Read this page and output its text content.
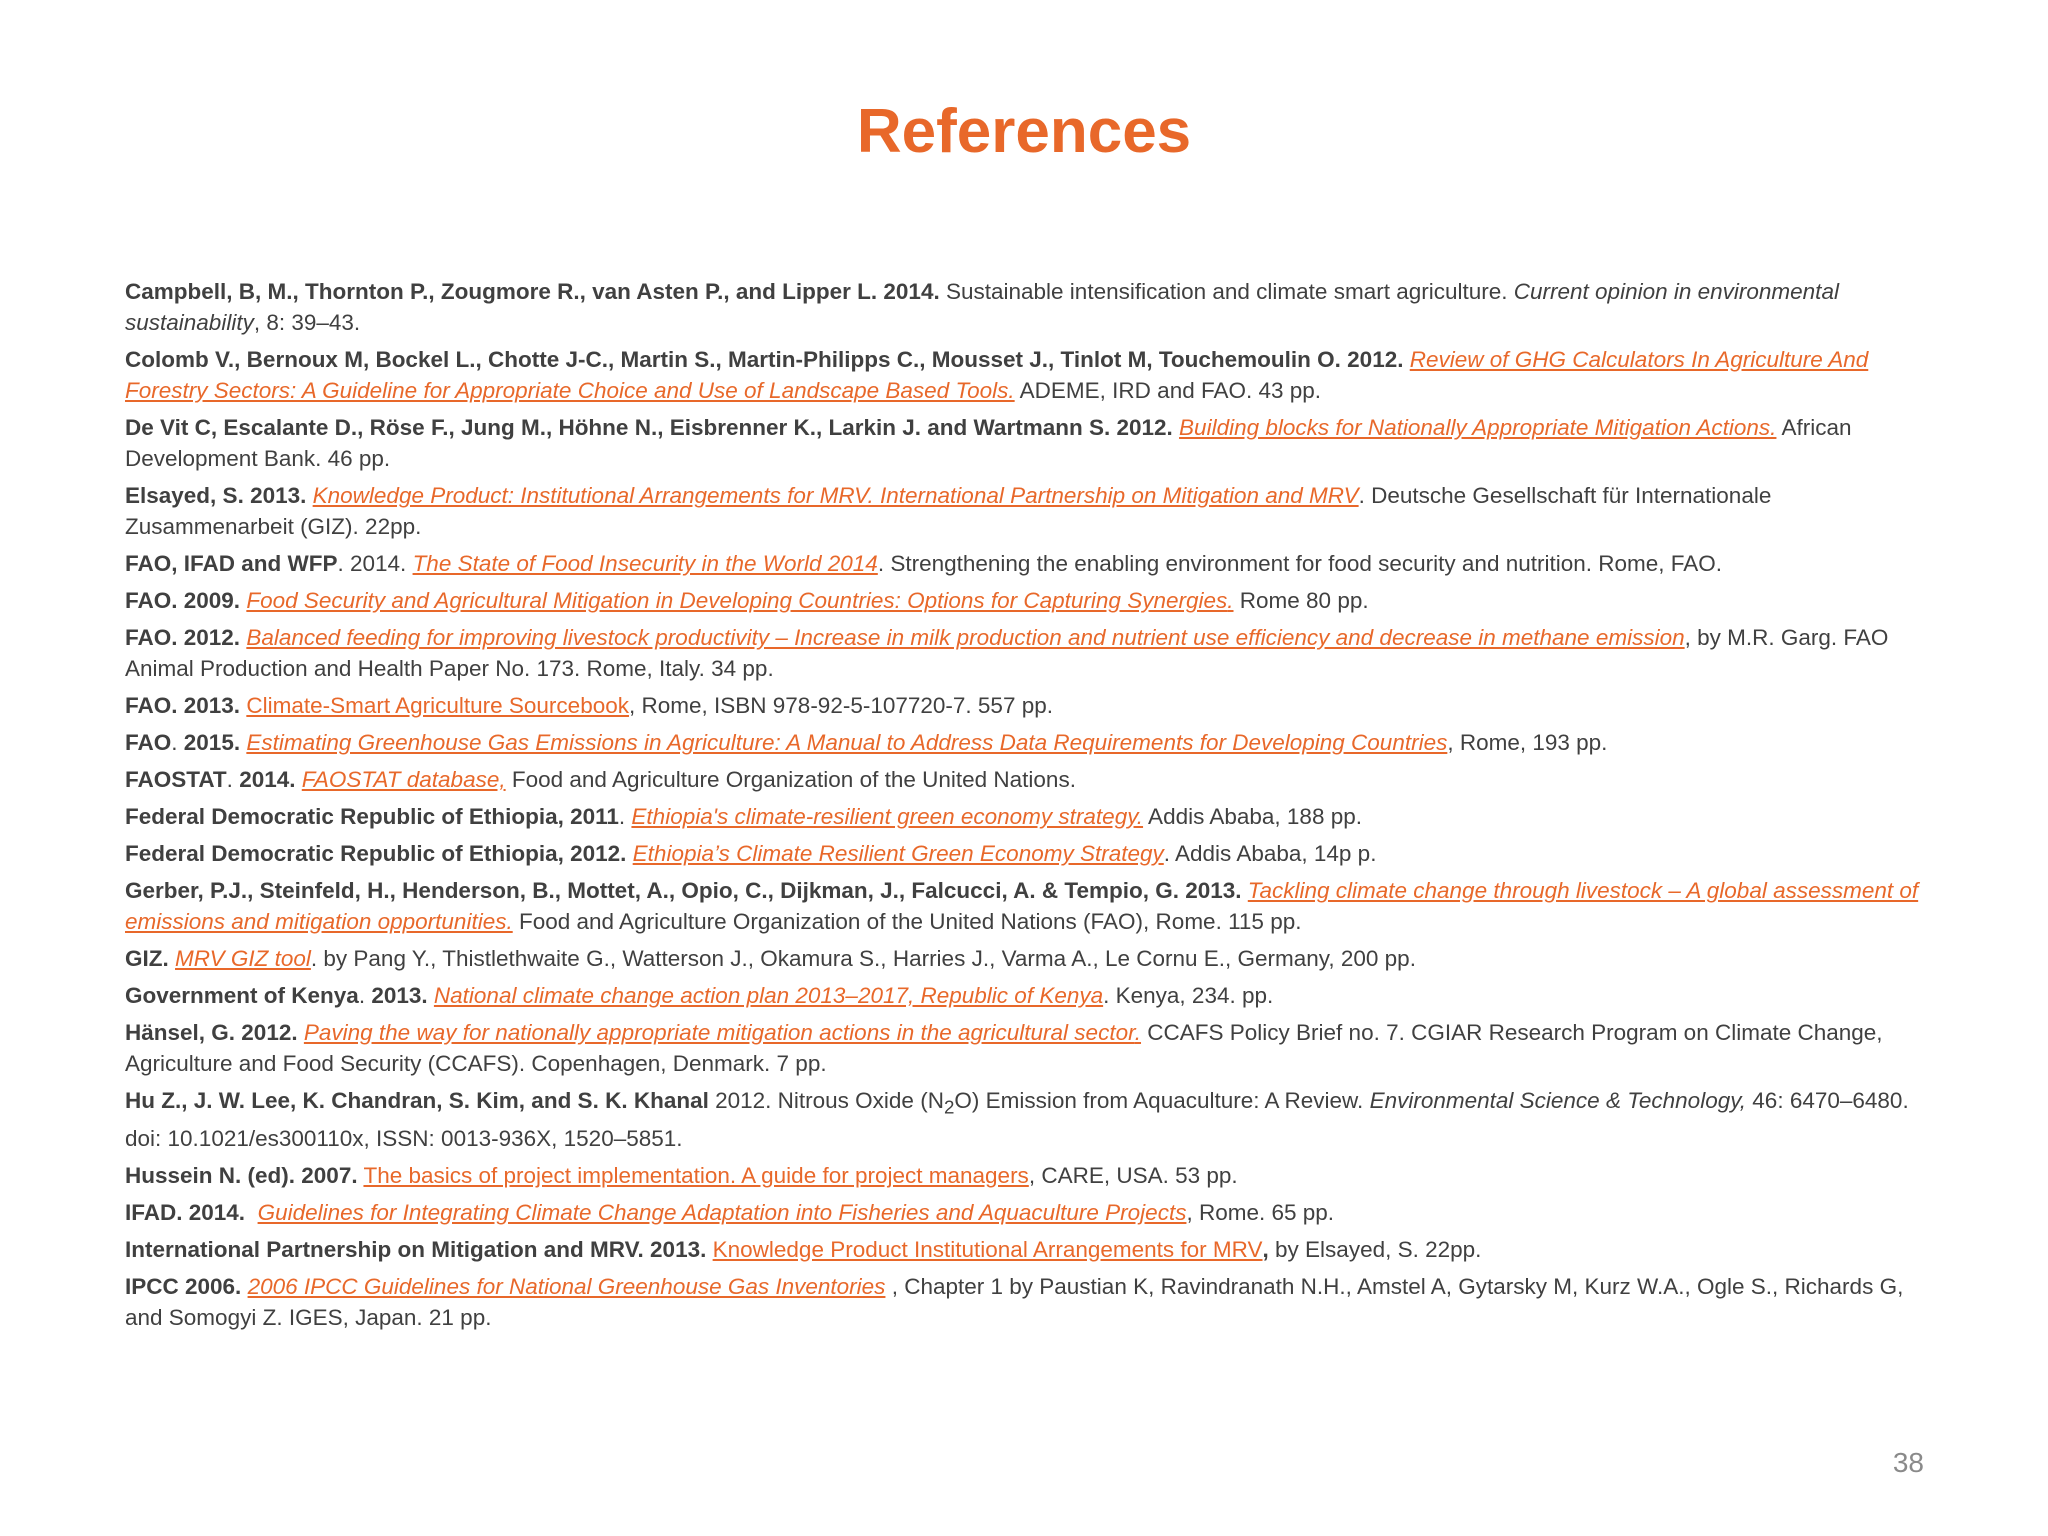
References

Campbell, B, M., Thornton P., Zougmore R., van Asten P., and Lipper L. 2014. Sustainable intensification and climate smart agriculture. Current opinion in environmental sustainability, 8: 39–43.

Colomb V., Bernoux M, Bockel L., Chotte J-C., Martin S., Martin-Philipps C., Mousset J., Tinlot M, Touchemoulin O. 2012. Review of GHG Calculators In Agriculture And Forestry Sectors: A Guideline for Appropriate Choice and Use of Landscape Based Tools. ADEME, IRD and FAO. 43 pp.

De Vit C, Escalante D., Röse F., Jung M., Höhne N., Eisbrenner K., Larkin J. and Wartmann S. 2012. Building blocks for Nationally Appropriate Mitigation Actions. African Development Bank. 46 pp.

Elsayed, S. 2013. Knowledge Product: Institutional Arrangements for MRV. International Partnership on Mitigation and MRV. Deutsche Gesellschaft für Internationale Zusammenarbeit (GIZ). 22pp.

FAO, IFAD and WFP. 2014. The State of Food Insecurity in the World 2014. Strengthening the enabling environment for food security and nutrition. Rome, FAO.

FAO. 2009. Food Security and Agricultural Mitigation in Developing Countries: Options for Capturing Synergies. Rome 80 pp.

FAO. 2012. Balanced feeding for improving livestock productivity – Increase in milk production and nutrient use efficiency and decrease in methane emission, by M.R. Garg. FAO Animal Production and Health Paper No. 173. Rome, Italy. 34 pp.

FAO. 2013. Climate-Smart Agriculture Sourcebook, Rome, ISBN 978-92-5-107720-7. 557 pp.

FAO. 2015. Estimating Greenhouse Gas Emissions in Agriculture: A Manual to Address Data Requirements for Developing Countries, Rome, 193 pp.

FAOSTAT. 2014. FAOSTAT database, Food and Agriculture Organization of the United Nations.

Federal Democratic Republic of Ethiopia, 2011. Ethiopia's climate-resilient green economy strategy. Addis Ababa, 188 pp.

Federal Democratic Republic of Ethiopia, 2012. Ethiopia’s Climate Resilient Green Economy Strategy. Addis Ababa, 14p p.

Gerber, P.J., Steinfeld, H., Henderson, B., Mottet, A., Opio, C., Dijkman, J., Falcucci, A. & Tempio, G. 2013. Tackling climate change through livestock – A global assessment of emissions and mitigation opportunities. Food and Agriculture Organization of the United Nations (FAO), Rome. 115 pp.

GIZ. MRV GIZ tool. by Pang Y., Thistlethwaite G., Watterson J., Okamura S., Harries J., Varma A., Le Cornu E., Germany, 200 pp.

Government of Kenya. 2013. National climate change action plan 2013–2017, Republic of Kenya. Kenya, 234. pp.

Hänsel, G. 2012. Paving the way for nationally appropriate mitigation actions in the agricultural sector. CCAFS Policy Brief no. 7. CGIAR Research Program on Climate Change, Agriculture and Food Security (CCAFS). Copenhagen, Denmark. 7 pp.

Hu Z., J. W. Lee, K. Chandran, S. Kim, and S. K. Khanal 2012. Nitrous Oxide $(N_2O)$ Emission from Aquaculture: A Review. Environmental Science & Technology, 46: 6470–6480. doi: 10.1021/es300110x, ISSN: 0013-936X, 1520–5851.

Hussein N. (ed). 2007. The basics of project implementation. A guide for project managers, CARE, USA. 53 pp.

IFAD. 2014. Guidelines for Integrating Climate Change Adaptation into Fisheries and Aquaculture Projects, Rome. 65 pp.

International Partnership on Mitigation and MRV. 2013. Knowledge Product Institutional Arrangements for MRV, by Elsayed, S. 22pp.

IPCC 2006. 2006 IPCC Guidelines for National Greenhouse Gas Inventories , Chapter 1 by Paustian K, Ravindranath N.H., Amstel A, Gytarsky M, Kurz W.A., Ogle S., Richards G, and Somogyi Z. IGES, Japan. 21 pp.

38
